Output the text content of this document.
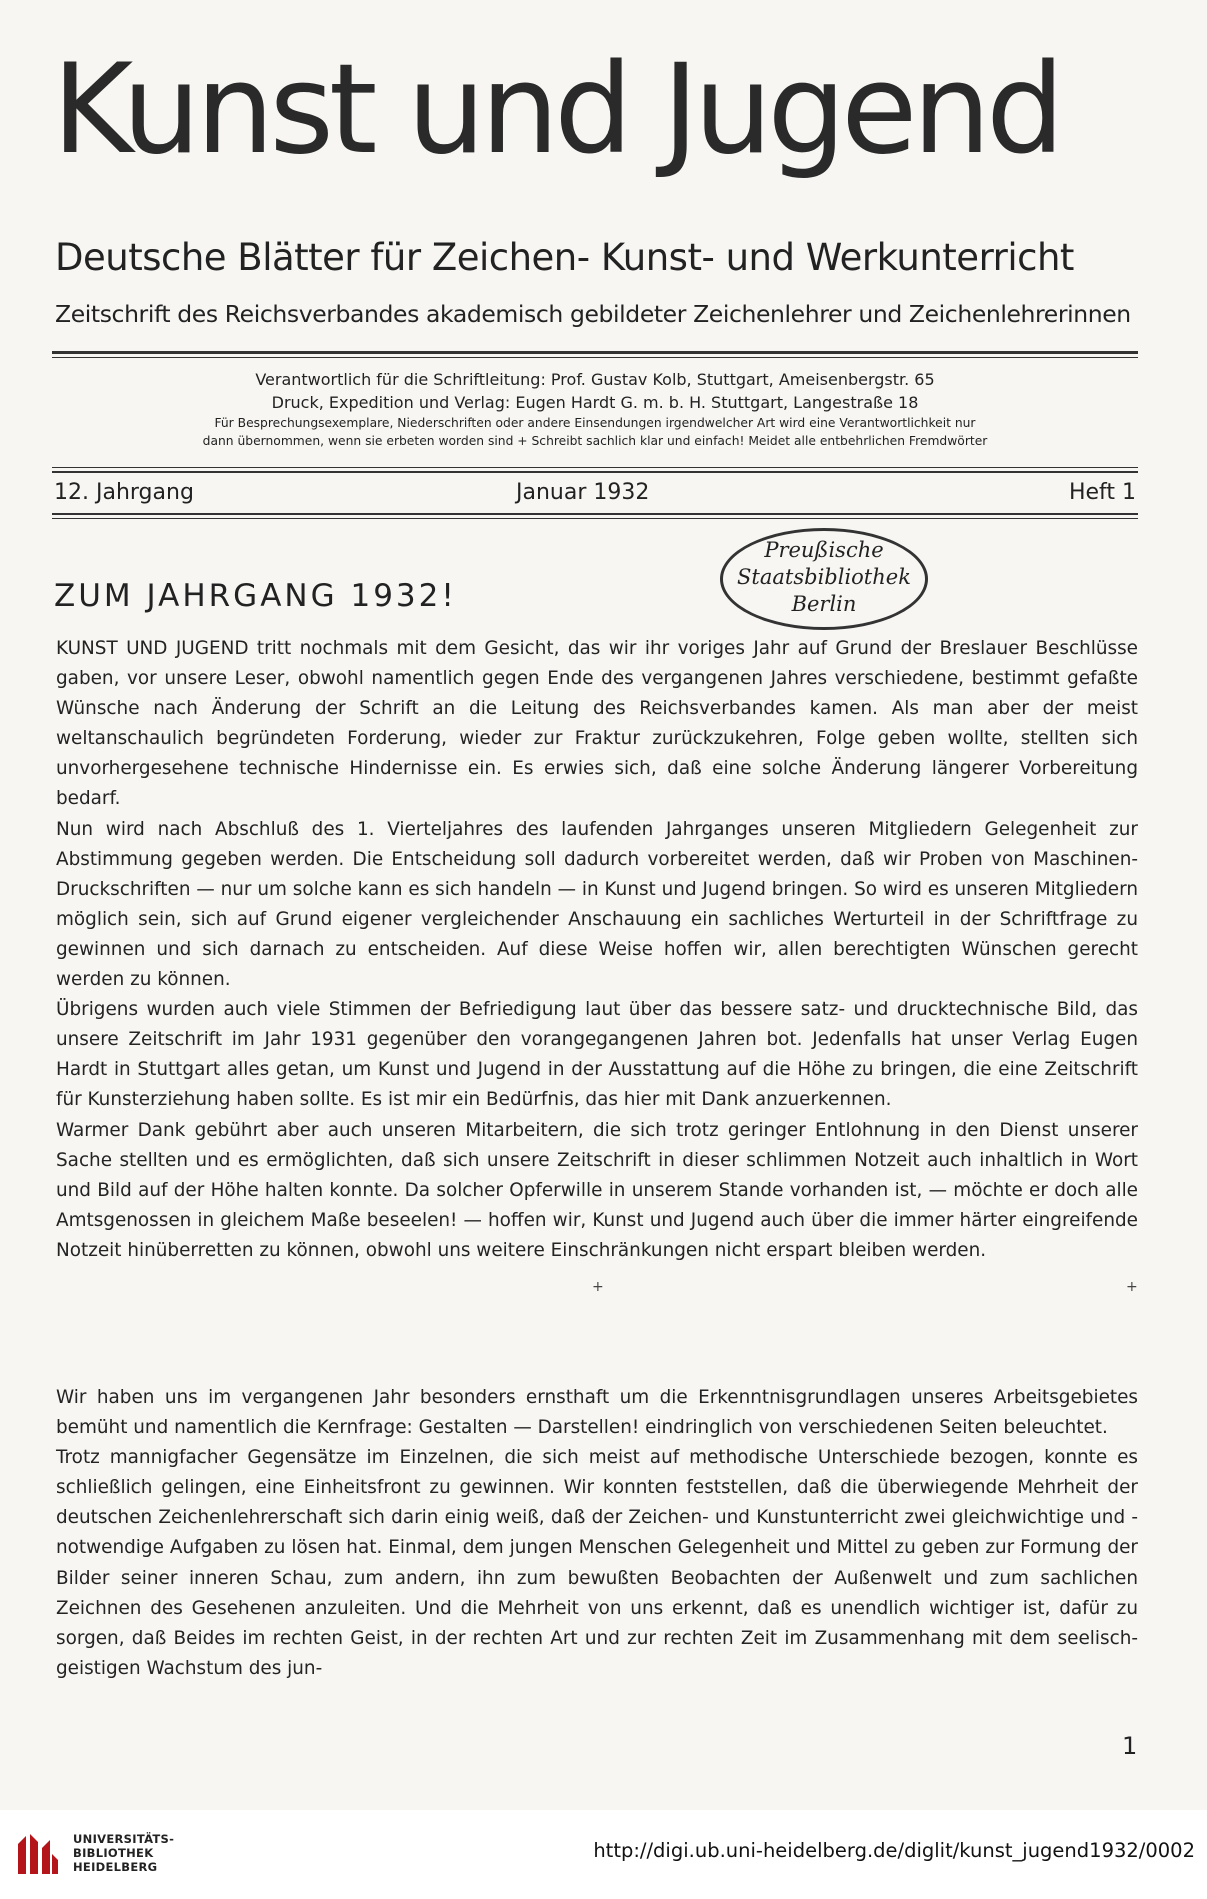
Kunst und Jugend
Deutsche Blätter für Zeichen- Kunst- und Werkunterricht
Zeitschrift des Reichsverbandes akademisch gebildeter Zeichenlehrer und Zeichenlehrerinnen
Verantwortlich für die Schriftleitung: Prof. Gustav Kolb, Stuttgart, Ameisenbergstr. 65
Druck, Expedition und Verlag: Eugen Hardt G. m. b. H. Stuttgart, Langestraße 18
Für Besprechungsexemplare, Niederschriften oder andere Einsendungen irgendwelcher Art wird eine Verantwortlichkeit nur
dann übernommen, wenn sie erbeten worden sind + Schreibt sachlich klar und einfach! Meidet alle entbehrlichen Fremdwörter
12. Jahrgang	Januar 1932	Heft 1
Preußische
Staatsbibliothek
Berlin
ZUM JAHRGANG 1932!

KUNST UND JUGEND tritt nochmals mit dem Gesicht, das wir ihr voriges Jahr auf Grund der Breslauer Beschlüsse gaben, vor unsere Leser, obwohl namentlich gegen Ende des vergangenen Jahres verschiedene, bestimmt gefaßte Wünsche nach Änderung der Schrift an die Leitung des Reichsverbandes kamen. Als man aber der meist weltanschaulich begründeten Forderung, wieder zur Fraktur zurückzukehren, Folge geben wollte, stellten sich unvorhergesehene technische Hindernisse ein. Es erwies sich, daß eine solche Änderung längerer Vorbereitung bedarf.

Nun wird nach Abschluß des 1. Vierteljahres des laufenden Jahrganges unseren Mitgliedern Gelegenheit zur Abstimmung gegeben werden. Die Entscheidung soll dadurch vorbereitet werden, daß wir Proben von Maschinen-Druckschriften — nur um solche kann es sich handeln — in Kunst und Jugend bringen. So wird es unseren Mitgliedern möglich sein, sich auf Grund eigener vergleichender Anschauung ein sachliches Werturteil in der Schriftfrage zu gewinnen und sich darnach zu entscheiden. Auf diese Weise hoffen wir, allen berechtigten Wünschen gerecht werden zu können.

Übrigens wurden auch viele Stimmen der Befriedigung laut über das bessere satz- und drucktechnische Bild, das unsere Zeitschrift im Jahr 1931 gegenüber den vorangegangenen Jahren bot. Jedenfalls hat unser Verlag Eugen Hardt in Stuttgart alles getan, um Kunst und Jugend in der Ausstattung auf die Höhe zu bringen, die eine Zeitschrift für Kunsterziehung haben sollte. Es ist mir ein Bedürfnis, das hier mit Dank anzuerkennen.

Warmer Dank gebührt aber auch unseren Mitarbeitern, die sich trotz geringer Entlohnung in den Dienst unserer Sache stellten und es ermöglichten, daß sich unsere Zeitschrift in dieser schlimmen Notzeit auch inhaltlich in Wort und Bild auf der Höhe halten konnte. Da solcher Opferwille in unserem Stande vorhanden ist, — möchte er doch alle Amtsgenossen in gleichem Maße beseelen! — hoffen wir, Kunst und Jugend auch über die immer härter eingreifende Notzeit hinüberretten zu können, obwohl uns weitere Einschränkungen nicht erspart bleiben werden.

+	+

Wir haben uns im vergangenen Jahr besonders ernsthaft um die Erkenntnisgrundlagen unseres Arbeitsgebietes bemüht und namentlich die Kernfrage: Gestalten — Darstellen! eindringlich von verschiedenen Seiten beleuchtet.

Trotz mannigfacher Gegensätze im Einzelnen, die sich meist auf methodische Unterschiede bezogen, konnte es schließlich gelingen, eine Einheitsfront zu gewinnen. Wir konnten feststellen, daß die überwiegende Mehrheit der deutschen Zeichenlehrerschaft sich darin einig weiß, daß der Zeichen- und Kunstunterricht zwei gleichwichtige und -notwendige Aufgaben zu lösen hat. Einmal, dem jungen Menschen Gelegenheit und Mittel zu geben zur Formung der Bilder seiner inneren Schau, zum andern, ihn zum bewußten Beobachten der Außenwelt und zum sachlichen Zeichnen des Gesehenen anzuleiten. Und die Mehrheit von uns erkennt, daß es unendlich wichtiger ist, dafür zu sorgen, daß Beides im rechten Geist, in der rechten Art und zur rechten Zeit im Zusammenhang mit dem seelisch-geistigen Wachstum des jun-

1
UNIVERSITÄTS-
BIBLIOTHEK
HEIDELBERG
http://digi.ub.uni-heidelberg.de/diglit/kunst_jugend1932/0002
